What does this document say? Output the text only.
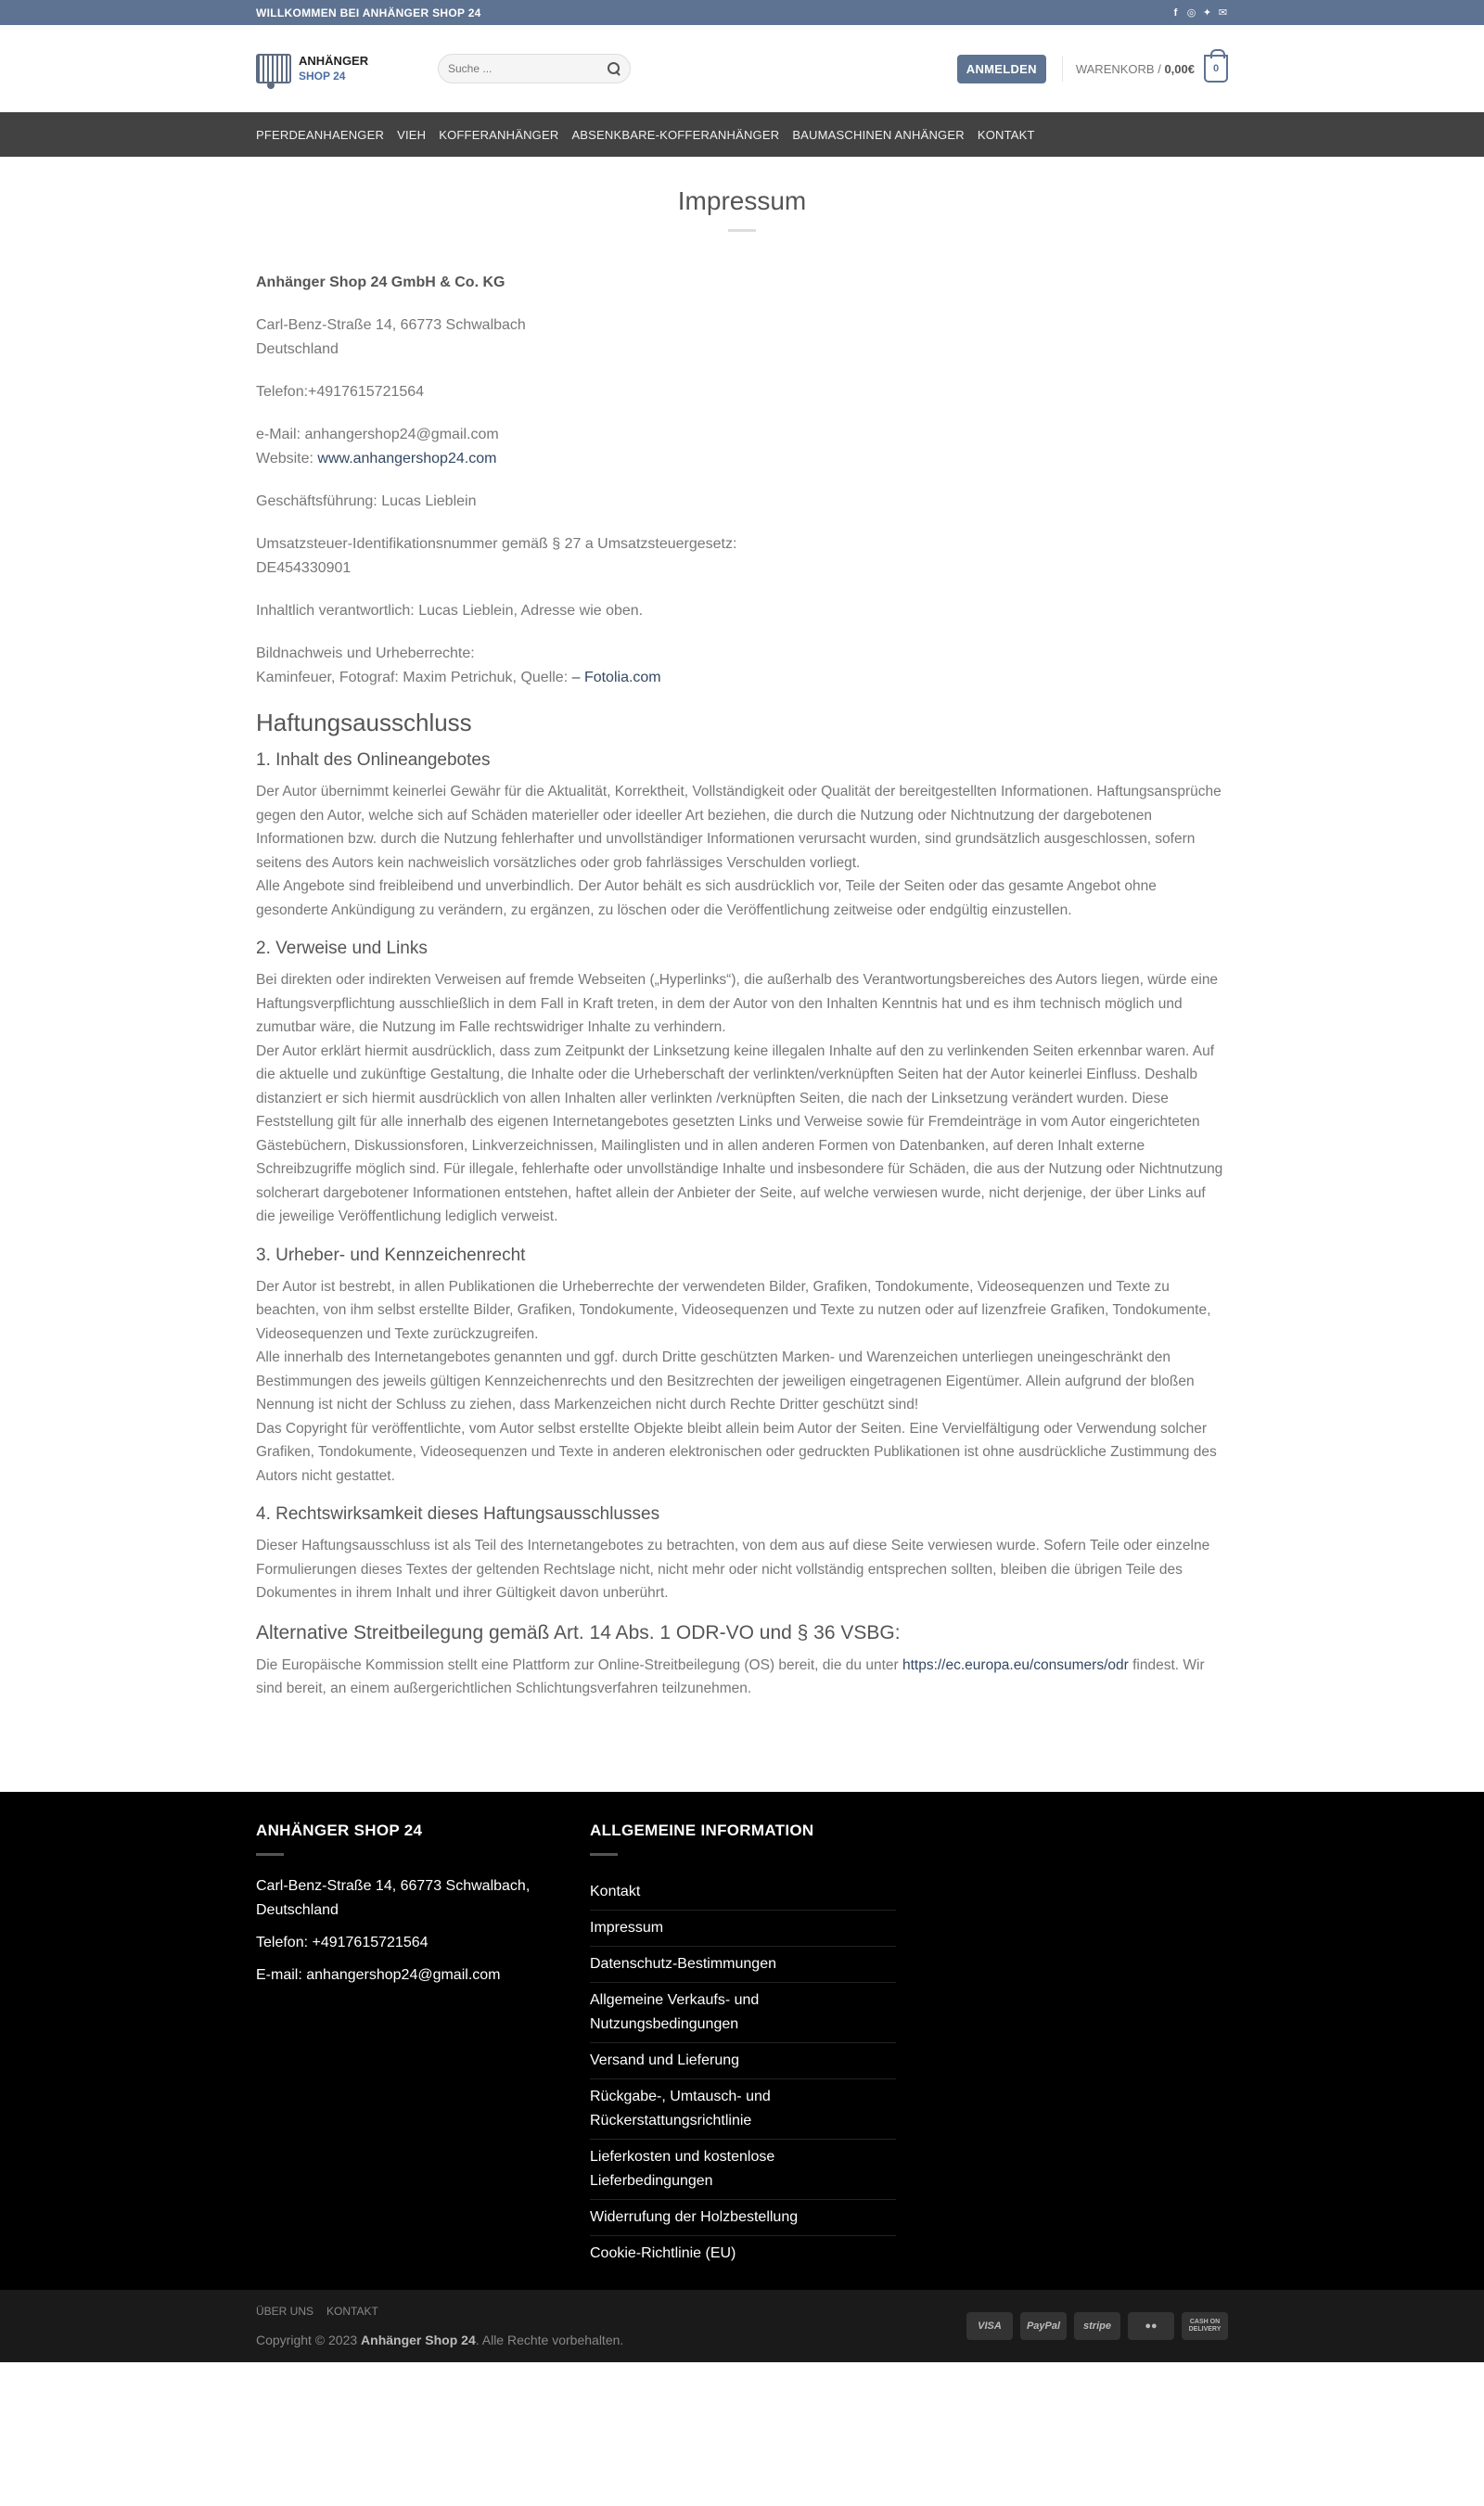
WILLKOMMEN BEI ANHÄNGER SHOP 24	f ◎ ✦ ✉
ANHÄNGER
SHOP 24
Suche ...
ANMELDEN	WARENKORB / 0,00€ 0
PFERDEANHAENGER VIEH KOFFERANHÄNGER ABSENKBARE-KOFFERANHÄNGER BAUMASCHINEN ANHÄNGER KONTAKT
Impressum

Anhänger Shop 24 GmbH & Co. KG

Carl-Benz-Straße 14, 66773 Schwalbach
Deutschland

Telefon:+4917615721564

e-Mail: anhangershop24@gmail.com
Website: www.anhangershop24.com

Geschäftsführung: Lucas Lieblein

Umsatzsteuer-Identifikationsnummer gemäß § 27 a Umsatzsteuergesetz:
DE454330901

Inhaltlich verantwortlich: Lucas Lieblein, Adresse wie oben.

Bildnachweis und Urheberrechte:
Kaminfeuer, Fotograf: Maxim Petrichuk, Quelle: – Fotolia.com

Haftungsausschluss
1. Inhalt des Onlineangebotes

Der Autor übernimmt keinerlei Gewähr für die Aktualität, Korrektheit, Vollständigkeit oder Qualität der bereitgestellten Informationen. Haftungsansprüche gegen den Autor, welche sich auf Schäden materieller oder ideeller Art beziehen, die durch die Nutzung oder Nichtnutzung der dargebotenen Informationen bzw. durch die Nutzung fehlerhafter und unvollständiger Informationen verursacht wurden, sind grundsätzlich ausgeschlossen, sofern seitens des Autors kein nachweislich vorsätzliches oder grob fahrlässiges Verschulden vorliegt.

Alle Angebote sind freibleibend und unverbindlich. Der Autor behält es sich ausdrücklich vor, Teile der Seiten oder das gesamte Angebot ohne gesonderte Ankündigung zu verändern, zu ergänzen, zu löschen oder die Veröffentlichung zeitweise oder endgültig einzustellen.

2. Verweise und Links

Bei direkten oder indirekten Verweisen auf fremde Webseiten („Hyperlinks“), die außerhalb des Verantwortungsbereiches des Autors liegen, würde eine Haftungsverpflichtung ausschließlich in dem Fall in Kraft treten, in dem der Autor von den Inhalten Kenntnis hat und es ihm technisch möglich und zumutbar wäre, die Nutzung im Falle rechtswidriger Inhalte zu verhindern.

Der Autor erklärt hiermit ausdrücklich, dass zum Zeitpunkt der Linksetzung keine illegalen Inhalte auf den zu verlinkenden Seiten erkennbar waren. Auf die aktuelle und zukünftige Gestaltung, die Inhalte oder die Urheberschaft der verlinkten/verknüpften Seiten hat der Autor keinerlei Einfluss. Deshalb distanziert er sich hiermit ausdrücklich von allen Inhalten aller verlinkten /verknüpften Seiten, die nach der Linksetzung verändert wurden. Diese Feststellung gilt für alle innerhalb des eigenen Internetangebotes gesetzten Links und Verweise sowie für Fremdeinträge in vom Autor eingerichteten Gästebüchern, Diskussionsforen, Linkverzeichnissen, Mailinglisten und in allen anderen Formen von Datenbanken, auf deren Inhalt externe Schreibzugriffe möglich sind. Für illegale, fehlerhafte oder unvollständige Inhalte und insbesondere für Schäden, die aus der Nutzung oder Nichtnutzung solcherart dargebotener Informationen entstehen, haftet allein der Anbieter der Seite, auf welche verwiesen wurde, nicht derjenige, der über Links auf die jeweilige Veröffentlichung lediglich verweist.

3. Urheber- und Kennzeichenrecht

Der Autor ist bestrebt, in allen Publikationen die Urheberrechte der verwendeten Bilder, Grafiken, Tondokumente, Videosequenzen und Texte zu beachten, von ihm selbst erstellte Bilder, Grafiken, Tondokumente, Videosequenzen und Texte zu nutzen oder auf lizenzfreie Grafiken, Tondokumente, Videosequenzen und Texte zurückzugreifen.

Alle innerhalb des Internetangebotes genannten und ggf. durch Dritte geschützten Marken- und Warenzeichen unterliegen uneingeschränkt den Bestimmungen des jeweils gültigen Kennzeichenrechts und den Besitzrechten der jeweiligen eingetragenen Eigentümer. Allein aufgrund der bloßen Nennung ist nicht der Schluss zu ziehen, dass Markenzeichen nicht durch Rechte Dritter geschützt sind!

Das Copyright für veröffentlichte, vom Autor selbst erstellte Objekte bleibt allein beim Autor der Seiten. Eine Vervielfältigung oder Verwendung solcher Grafiken, Tondokumente, Videosequenzen und Texte in anderen elektronischen oder gedruckten Publikationen ist ohne ausdrückliche Zustimmung des Autors nicht gestattet.

4. Rechtswirksamkeit dieses Haftungsausschlusses

Dieser Haftungsausschluss ist als Teil des Internetangebotes zu betrachten, von dem aus auf diese Seite verwiesen wurde. Sofern Teile oder einzelne Formulierungen dieses Textes der geltenden Rechtslage nicht, nicht mehr oder nicht vollständig entsprechen sollten, bleiben die übrigen Teile des Dokumentes in ihrem Inhalt und ihrer Gültigkeit davon unberührt.

Alternative Streitbeilegung gemäß Art. 14 Abs. 1 ODR-VO und § 36 VSBG:

Die Europäische Kommission stellt eine Plattform zur Online-Streitbeilegung (OS) bereit, die du unter https://ec.europa.eu/consumers/odr findest. Wir sind bereit, an einem außergerichtlichen Schlichtungsverfahren teilzunehmen.

ANHÄNGER SHOP 24
Carl-Benz-Straße 14, 66773 Schwalbach, Deutschland
Telefon: +4917615721564
E-mail: anhangershop24@gmail.com
ALLGEMEINE INFORMATION
Kontakt
Impressum
Datenschutz-Bestimmungen
Allgemeine Verkaufs- und Nutzungsbedingungen
Versand und Lieferung
Rückgabe-, Umtausch- und Rückerstattungsrichtlinie
Lieferkosten und kostenlose Lieferbedingungen
Widerrufung der Holzbestellung
Cookie-Richtlinie (EU)
ÜBER UNS KONTAKT
Copyright © 2023 Anhänger Shop 24. Alle Rechte vorbehalten.
VISA	PayPal	stripe	●●	CASH ON DELIVERY
